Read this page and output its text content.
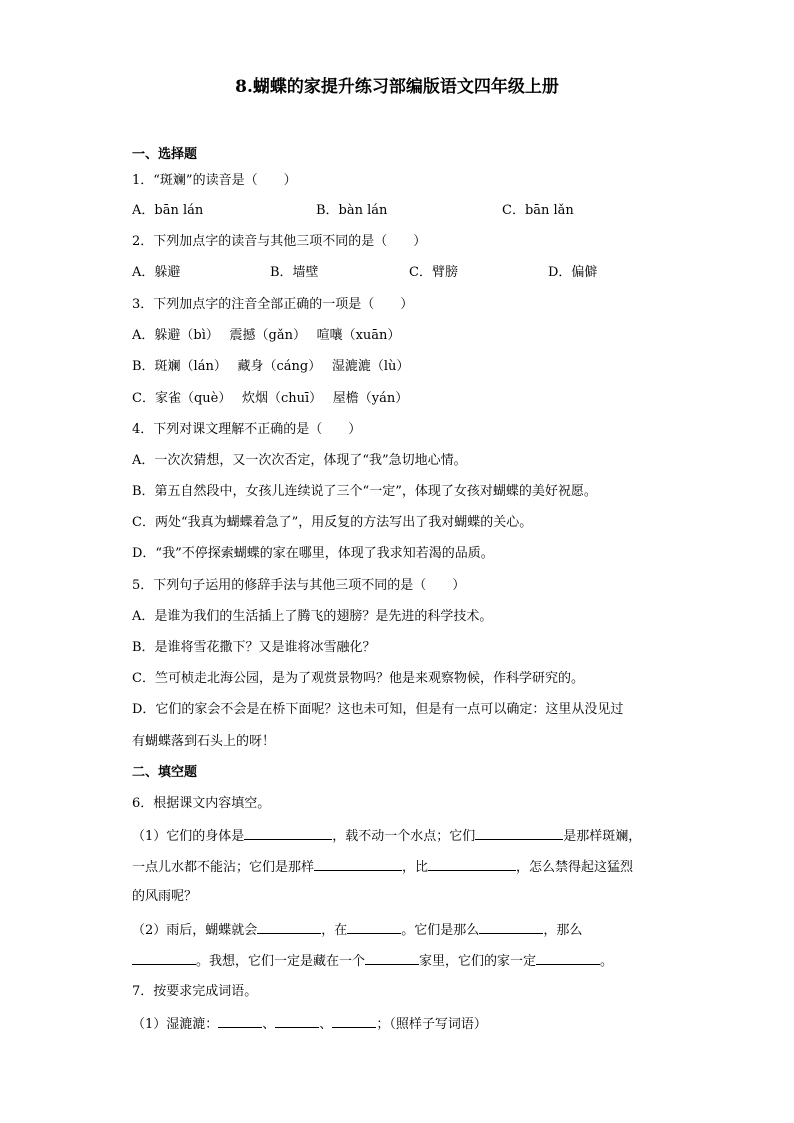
8.蝴蝶的家提升练习部编版语文四年级上册
一、选择题
1．“斑斓”的读音是（　　）
A．bān lán	B．bàn lán	C．bān lǎn
2．下列加点字的读音与其他三项不同的是（　　）
A．躲避	B．墙壁	C．臂膀	D．偏僻
3．下列加点字的注音全部正确的一项是（　　）
A．躲避（bì）　 震撼（gǎn）　 喧嚷（xuān）
B．斑斓（lán）　 藏身（cáng）　 湿漉漉（lù）
C．家雀（què）　 炊烟（chuī）　 屋檐（yán）
4．下列对课文理解不正确的是（　　）
A．一次次猜想，又一次次否定，体现了“我”急切地心情。
B．第五自然段中，女孩儿连续说了三个“一定”，体现了女孩对蝴蝶的美好祝愿。
C．两处“我真为蝴蝶着急了”，用反复的方法写出了我对蝴蝶的关心。
D．“我”不停探索蝴蝶的家在哪里，体现了我求知若渴的品质。
5．下列句子运用的修辞手法与其他三项不同的是（　　）
A．是谁为我们的生活插上了腾飞的翅膀？是先进的科学技术。
B．是谁将雪花撒下？又是谁将冰雪融化？
C．竺可桢走北海公园，是为了观赏景物吗？他是来观察物候，作科学研究的。
D．它们的家会不会是在桥下面呢？这也未可知，但是有一点可以确定：这里从没见过
有蝴蝶落到石头上的呀！
二、填空题
6．根据课文内容填空。
（1）它们的身体是	，载不动一个水点；它们	是那样斑斓，
一点儿水都不能沾；它们是那样	，比	，怎么禁得起这猛烈
的风雨呢？
（2）雨后，蝴蝶就会	，在	。它们是那么	，那么
。我想，它们一定是藏在一个	家里，它们的家一定	。
7．按要求完成词语。
（1）湿漉漉：	、	、	；（照样子写词语）
